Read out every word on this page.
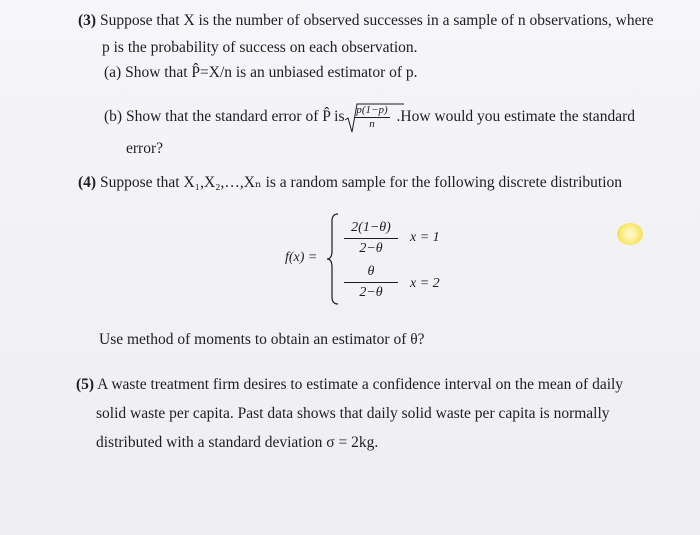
(3) Suppose that X is the number of observed successes in a sample of n observations, where
p is the probability of success on each observation.
(a) Show that P̂=X/n is an unbiased estimator of p.
(b) Show that the standard error of P̂ is $\frac{p(1-p)}{n} .How$ would you estimate the standard
error?
(4) Suppose that X₁,X₂,…,Xₙ is a random sample for the following discrete distribution
f(x) =
$\frac{2(1-\theta)}{2-\theta}$ x = 1
$\frac{\theta}{2-\theta}$ x = 2
Use method of moments to obtain an estimator of θ?
(5) A waste treatment firm desires to estimate a confidence interval on the mean of daily
solid waste per capita. Past data shows that daily solid waste per capita is normally
distributed with a standard deviation σ = 2kg.
